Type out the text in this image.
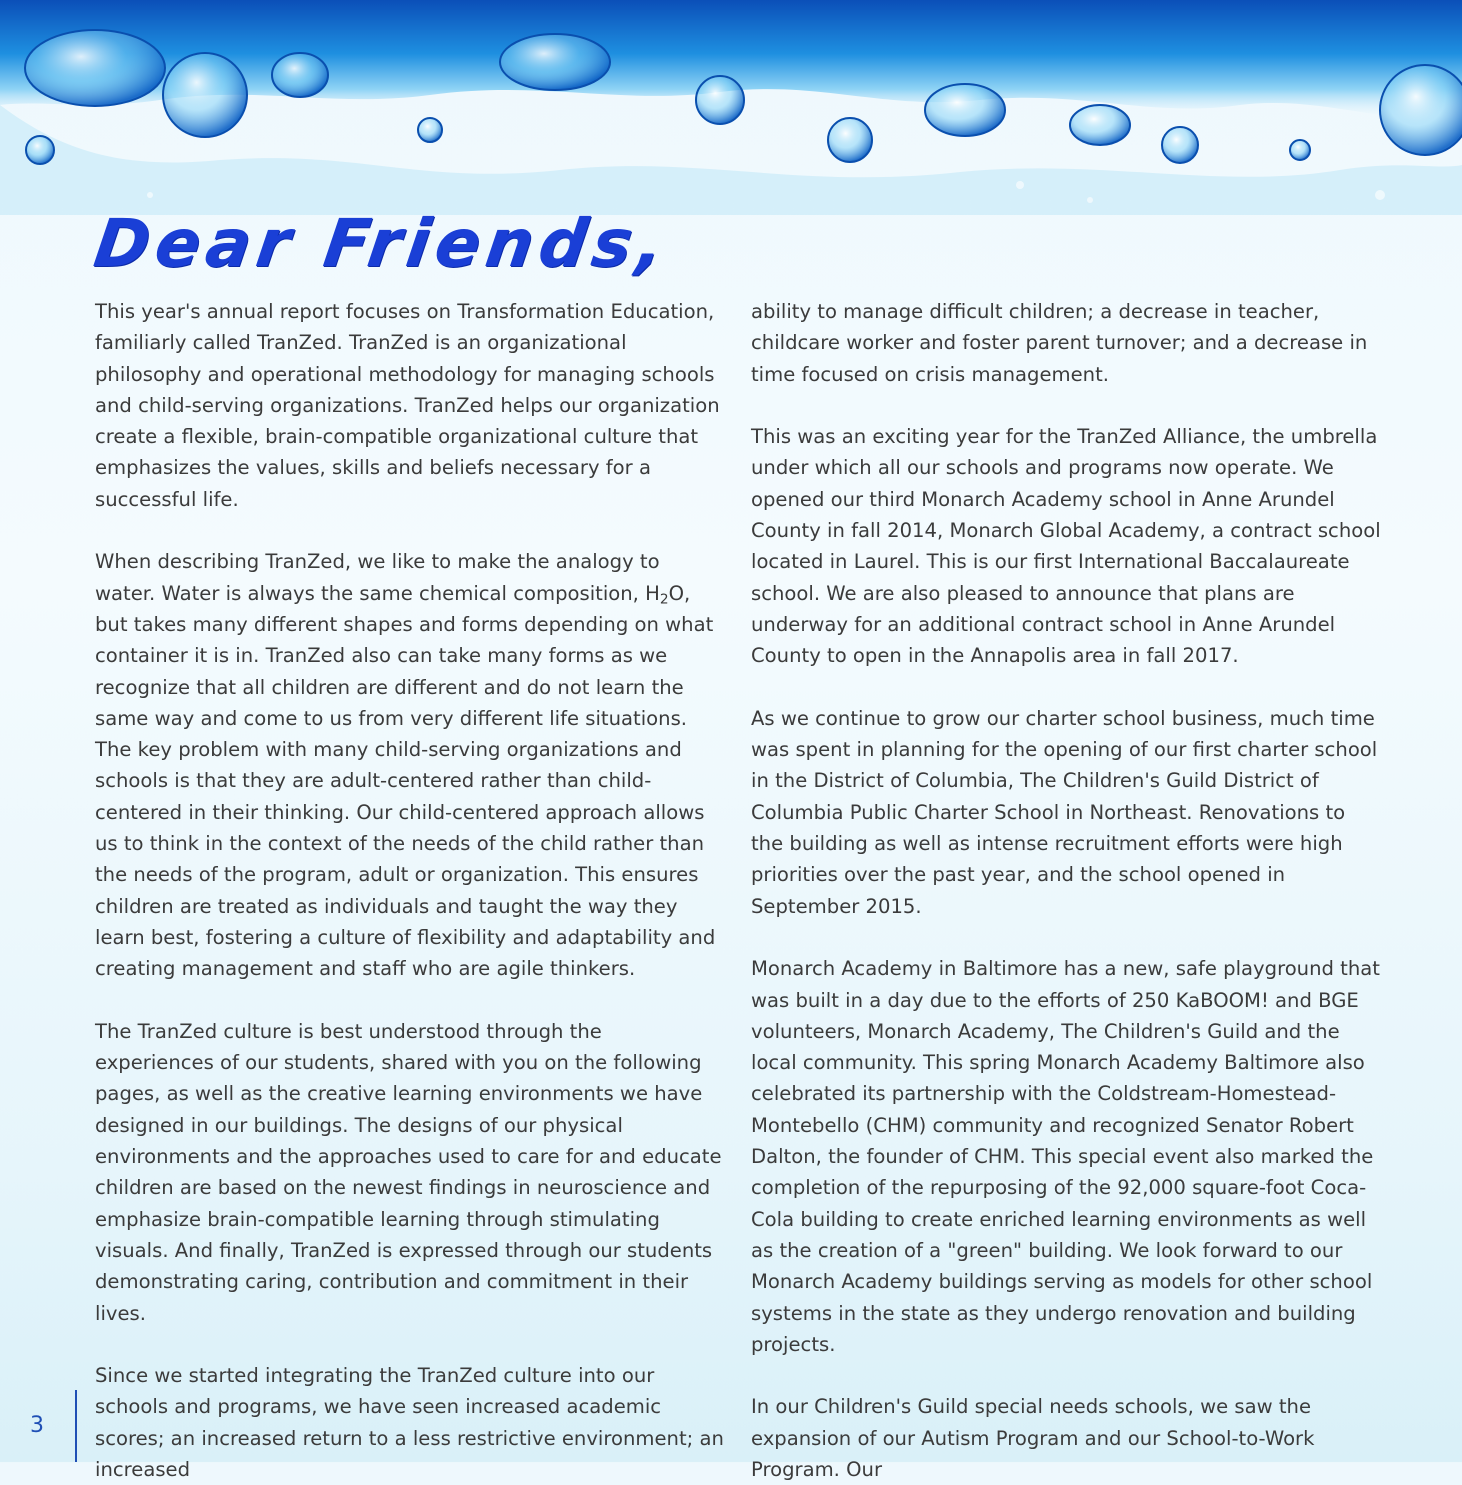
Dear Friends,

This year's annual report focuses on Transformation Education, familiarly called TranZed. TranZed is an organizational philosophy and operational methodology for managing schools and child-serving organizations. TranZed helps our organization create a flexible, brain-compatible organizational culture that emphasizes the values, skills and beliefs necessary for a successful life.

When describing TranZed, we like to make the analogy to water. Water is always the same chemical composition, $H_2O$, but takes many different shapes and forms depending on what container it is in. TranZed also can take many forms as we recognize that all children are different and do not learn the same way and come to us from very different life situations. The key problem with many child-serving organizations and schools is that they are adult-centered rather than child-centered in their thinking. Our child-centered approach allows us to think in the context of the needs of the child rather than the needs of the program, adult or organization. This ensures children are treated as individuals and taught the way they learn best, fostering a culture of flexibility and adaptability and creating management and staff who are agile thinkers.

The TranZed culture is best understood through the experiences of our students, shared with you on the following pages, as well as the creative learning environments we have designed in our buildings. The designs of our physical environments and the approaches used to care for and educate children are based on the newest findings in neuroscience and emphasize brain-compatible learning through stimulating visuals. And finally, TranZed is expressed through our students demonstrating caring, contribution and commitment in their lives.

Since we started integrating the TranZed culture into our schools and programs, we have seen increased academic scores; an increased return to a less restrictive environment; an increased

ability to manage difficult children; a decrease in teacher, childcare worker and foster parent turnover; and a decrease in time focused on crisis management.

This was an exciting year for the TranZed Alliance, the umbrella under which all our schools and programs now operate. We opened our third Monarch Academy school in Anne Arundel County in fall 2014, Monarch Global Academy, a contract school located in Laurel. This is our first International Baccalaureate school. We are also pleased to announce that plans are underway for an additional contract school in Anne Arundel County to open in the Annapolis area in fall 2017.

As we continue to grow our charter school business, much time was spent in planning for the opening of our first charter school in the District of Columbia, The Children's Guild District of Columbia Public Charter School in Northeast. Renovations to the building as well as intense recruitment efforts were high priorities over the past year, and the school opened in September 2015.

Monarch Academy in Baltimore has a new, safe playground that was built in a day due to the efforts of 250 KaBOOM! and BGE volunteers, Monarch Academy, The Children's Guild and the local community. This spring Monarch Academy Baltimore also celebrated its partnership with the Coldstream-Homestead-Montebello (CHM) community and recognized Senator Robert Dalton, the founder of CHM. This special event also marked the completion of the repurposing of the 92,000 square-foot Coca-Cola building to create enriched learning environments as well as the creation of a "green" building. We look forward to our Monarch Academy buildings serving as models for other school systems in the state as they undergo renovation and building projects.

In our Children's Guild special needs schools, we saw the expansion of our Autism Program and our School-to-Work Program. Our

3
